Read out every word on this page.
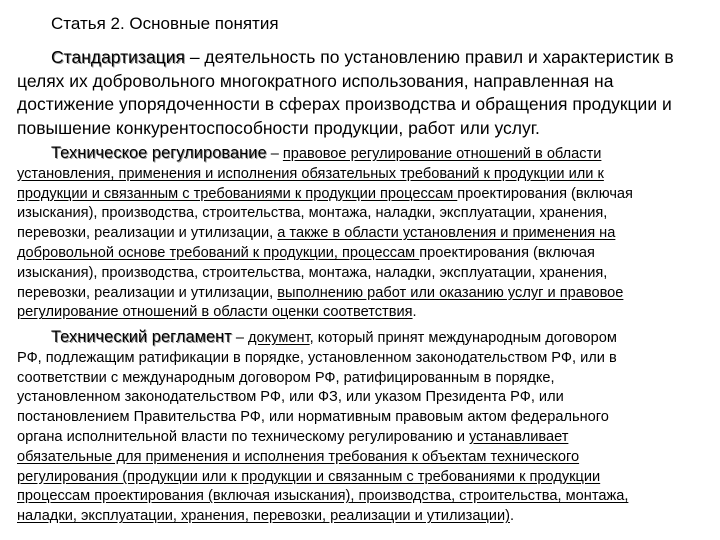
Статья 2. Основные понятия

Стандартизация – деятельность по установлению правил и характеристик в
целях их добровольного многократного использования, направленная на
достижение упорядоченности в сферах производства и обращения продукции и
повышение конкурентоспособности продукции, работ или услуг.

Техническое регулирование – правовое регулирование отношений в области
установления, применения и исполнения обязательных требований к продукции или к
продукции и связанным с требованиями к продукции процессам проектирования (включая
изыскания), производства, строительства, монтажа, наладки, эксплуатации, хранения,
перевозки, реализации и утилизации, а также в области установления и применения на
добровольной основе требований к продукции, процессам проектирования (включая
изыскания), производства, строительства, монтажа, наладки, эксплуатации, хранения,
перевозки, реализации и утилизации, выполнению работ или оказанию услуг и правовое
регулирование отношений в области оценки соответствия.

Технический регламент – документ, который принят международным договором
РФ, подлежащим ратификации в порядке, установленном законодательством РФ, или в
соответствии с международным договором РФ, ратифицированным в порядке,
установленном законодательством РФ, или ФЗ, или указом Президента РФ, или
постановлением Правительства РФ, или нормативным правовым актом федерального
органа исполнительной власти по техническому регулированию и устанавливает
обязательные для применения и исполнения требования к объектам технического
регулирования (продукции или к продукции и связанным с требованиями к продукции
процессам проектирования (включая изыскания), производства, строительства, монтажа,
наладки, эксплуатации, хранения, перевозки, реализации и утилизации).
